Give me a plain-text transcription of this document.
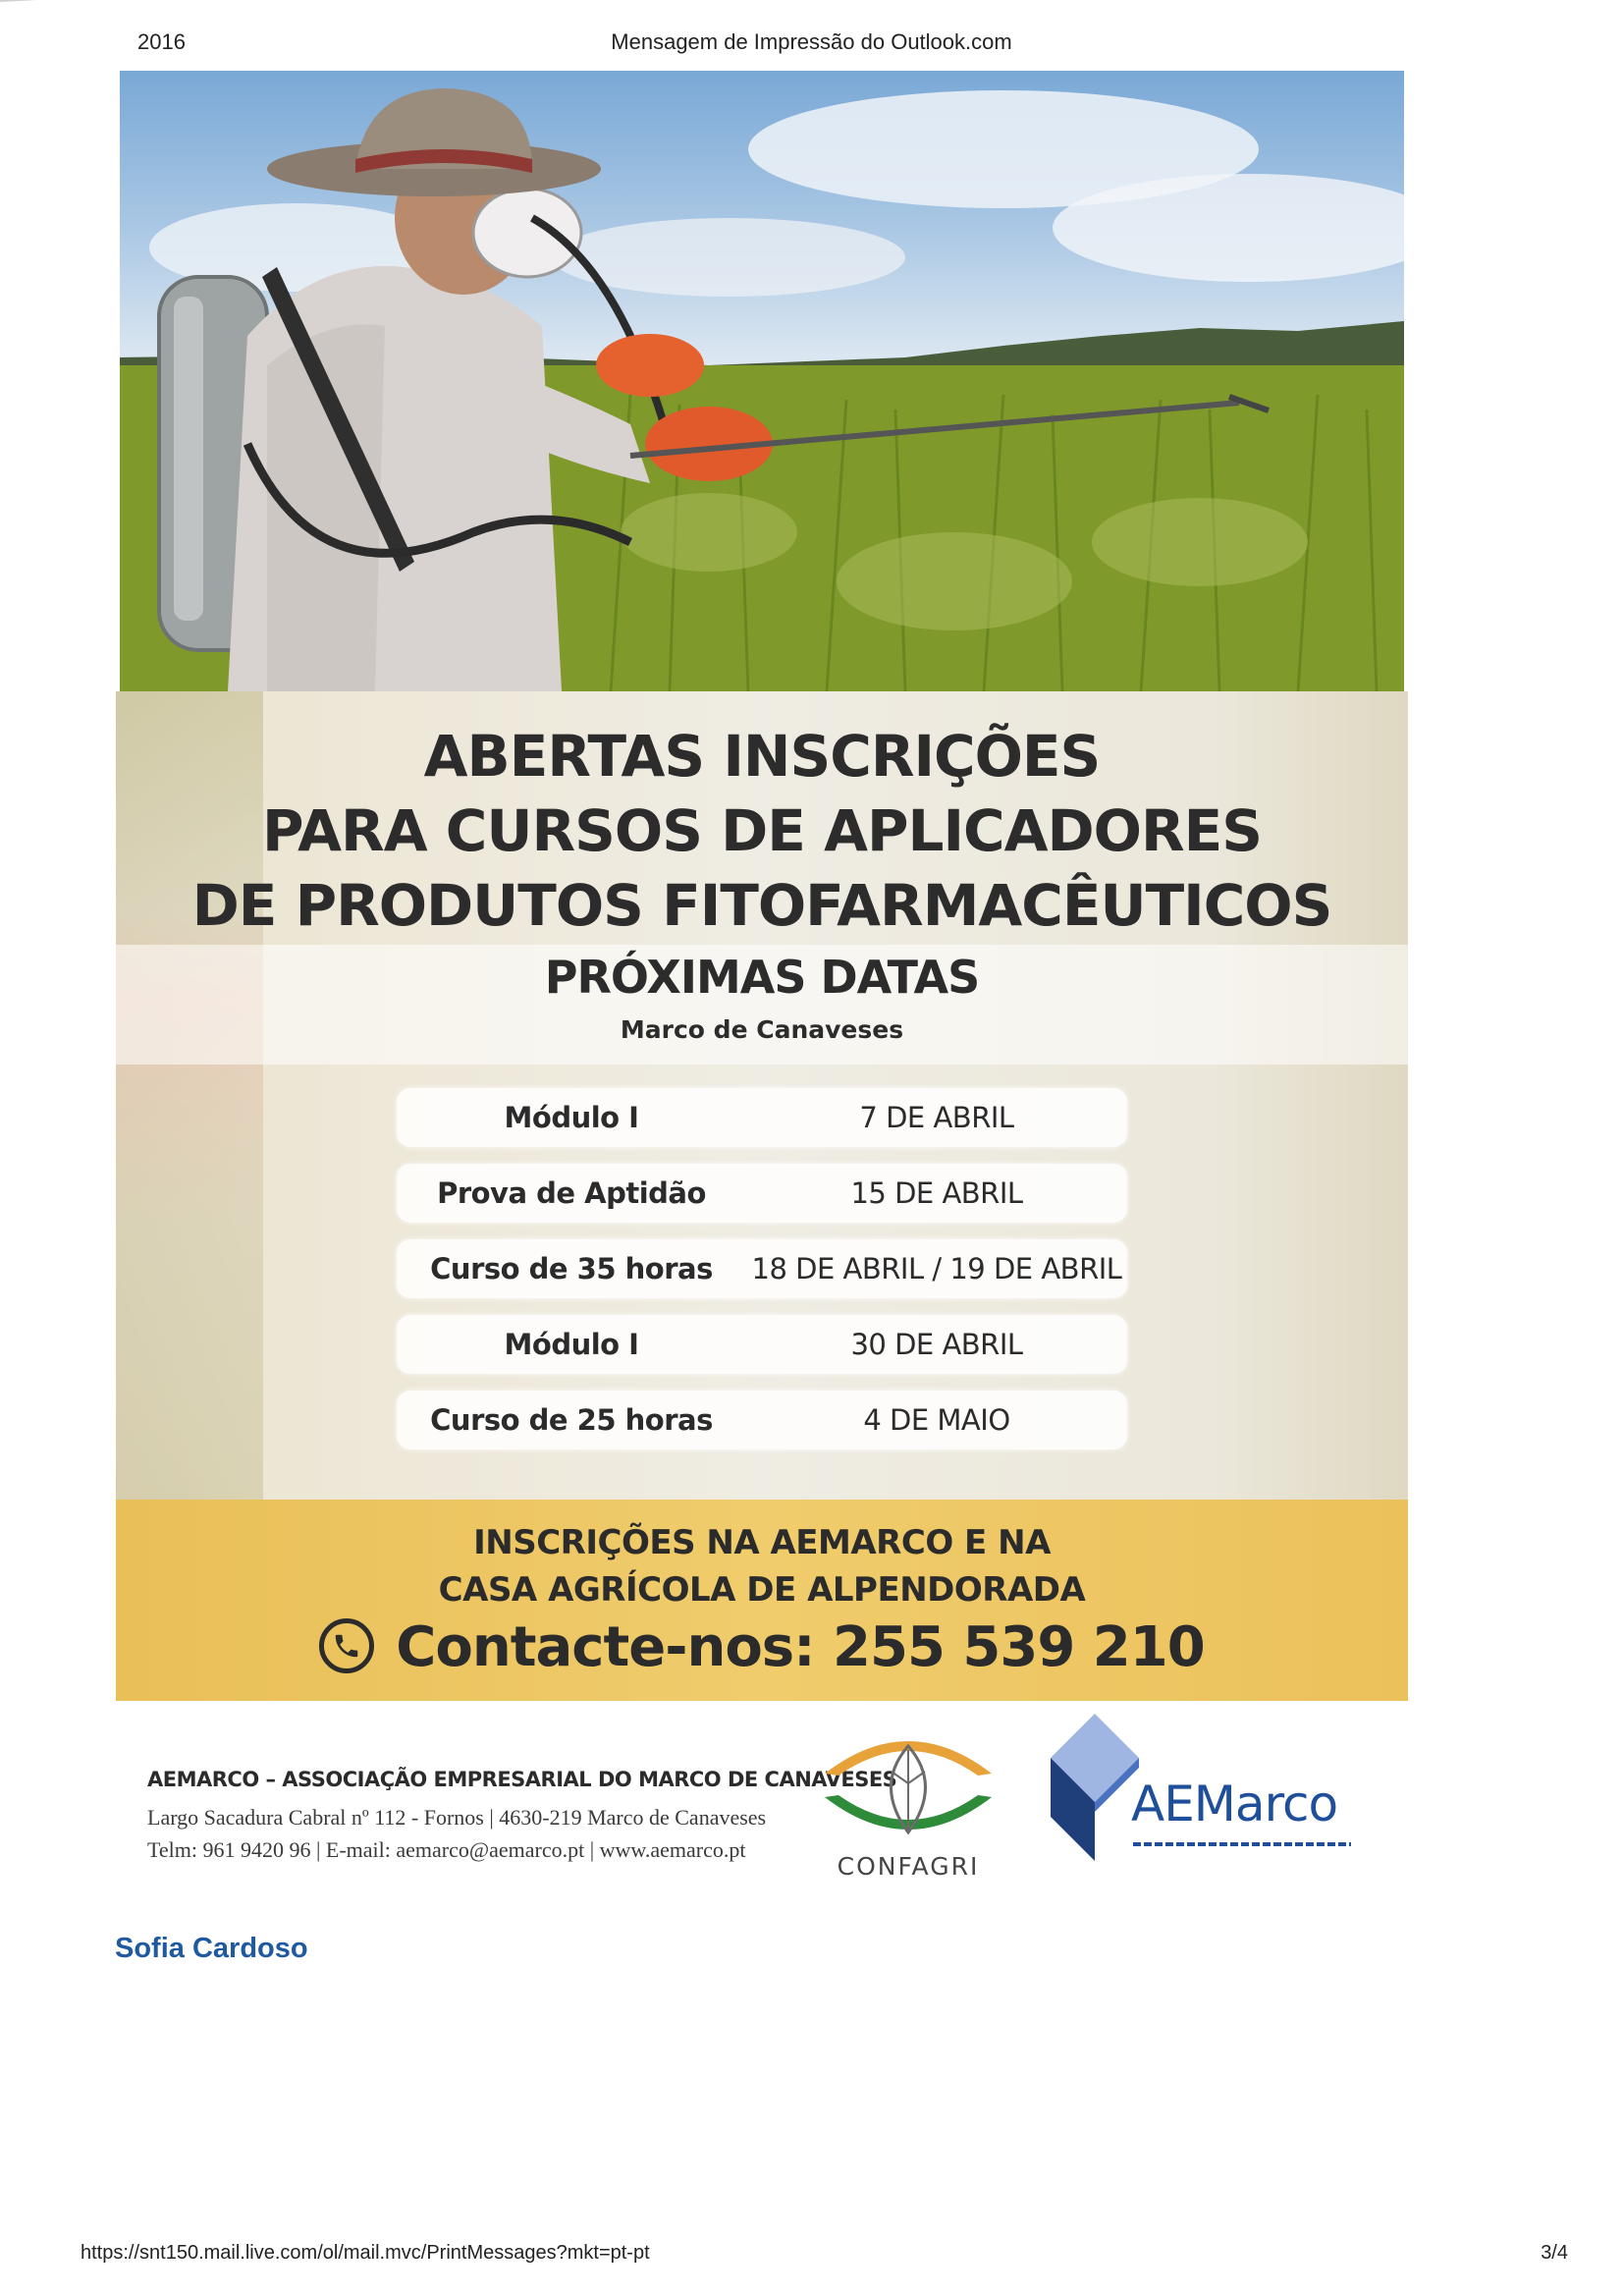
2016	Mensagem de Impressão do Outlook.com
ABERTAS INSCRIÇÕES
PARA CURSOS DE APLICADORES
DE PRODUTOS FITOFARMACÊUTICOS
PRÓXIMAS DATAS
Marco de Canaveses
Módulo I	7 DE ABRIL
Prova de Aptidão	15 DE ABRIL
Curso de 35 horas	18 DE ABRIL / 19 DE ABRIL
Módulo I	30 DE ABRIL
Curso de 25 horas	4 DE MAIO
INSCRIÇÕES NA AEMARCO E NA
CASA AGRÍCOLA DE ALPENDORADA
Contacte-nos: 255 539 210
AEMARCO – ASSOCIAÇÃO EMPRESARIAL DO MARCO DE CANAVESES
Largo Sacadura Cabral nº 112 - Fornos | 4630-219 Marco de Canaveses
Telm: 961 9420 96 | E-mail: aemarco@aemarco.pt | www.aemarco.pt
CONFAGRI
AEMarco
Sofia Cardoso
https://snt150.mail.live.com/ol/mail.mvc/PrintMessages?mkt=pt-pt	3/4
